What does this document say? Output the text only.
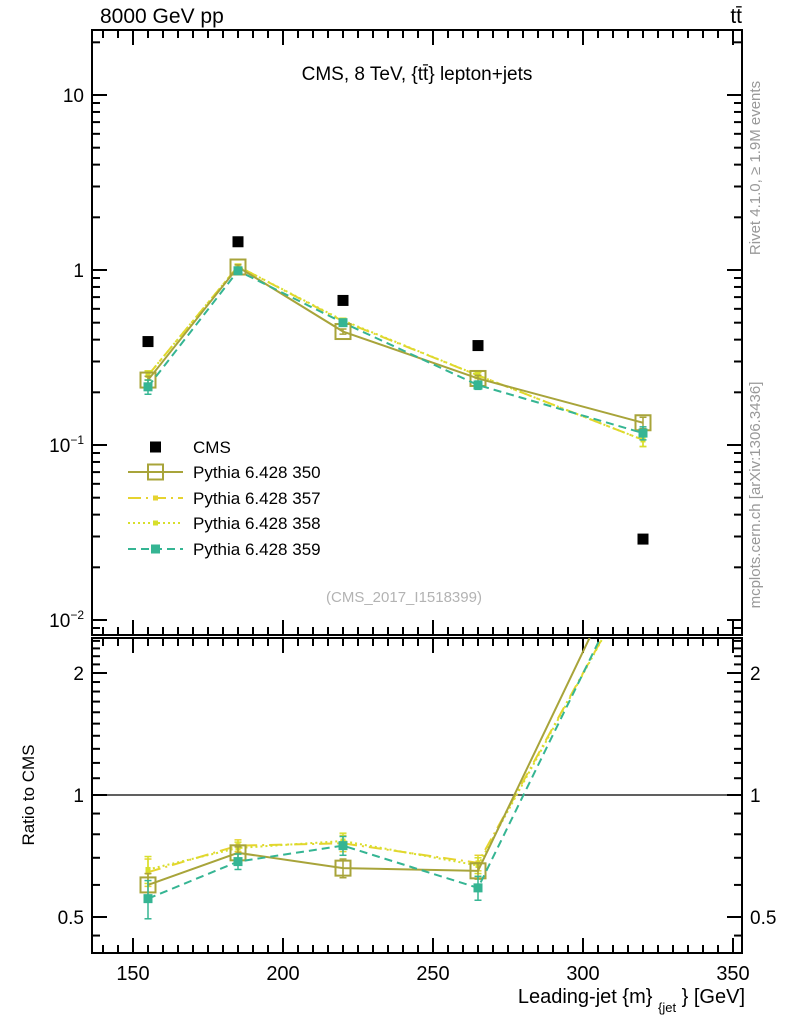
8000 GeV pp	tt̄
CMS, 8 TeV, {tt̄} lepton+jets
(CMS_2017_I1518399)
Rivet 4.1.0, ≥ 1.9M events
mcplots.cern.ch [arXiv:1306.3436]
Ratio to CMS
Leading-jet {m} $_{\{jet}$ } [GeV]
150	200	250	300	350
10
1
$10^{-1}$
$10^{-2}$
2	2
1	1
0.5	0.5
CMS
Pythia 6.428 350
Pythia 6.428 357
Pythia 6.428 358
Pythia 6.428 359
